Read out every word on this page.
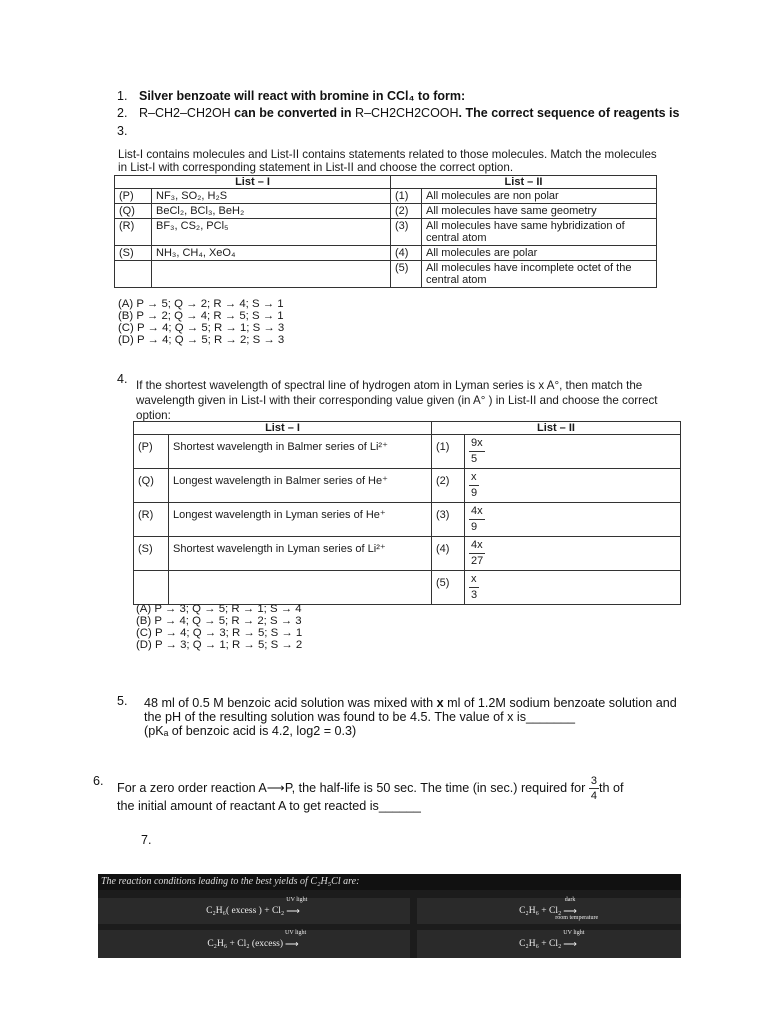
1. Silver benzoate will react with bromine in CCl₄ to form:
2. R–CH2–CH2OH can be converted in R–CH2CH2COOH. The correct sequence of reagents is
3.
List-I contains molecules and List-II contains statements related to those molecules. Match the molecules in List-I with corresponding statement in List-II and choose the correct option.
List – I		List – II	
(P)	NF₃, SO₂, H₂S	(1)	All molecules are non polar
(Q)	BeCl₂, BCl₃, BeH₂	(2)	All molecules have same geometry
(R)	BF₃, CS₂, PCl₅	(3)	All molecules have same hybridization of central atom
(S)	NH₃, CH₄, XeO₄	(4)	All molecules are polar
		(5)	All molecules have incomplete octet of the central atom
(A) P → 5; Q → 2; R → 4; S → 1
(B) P → 2; Q → 4; R → 5; S → 1
(C) P → 4; Q → 5; R → 1; S → 3
(D) P → 4; Q → 5; R → 2; S → 3
4. If the shortest wavelength of spectral line of hydrogen atom in Lyman series is x A°, then match the wavelength given in List-I with their corresponding value given (in A° ) in List-II and choose the correct option:
List – I		List – II	
(P)	Shortest wavelength in Balmer series of Li²⁺	(1)	$\frac{9x}{5}$

(Q)	Longest wavelength in Balmer series of He⁺	(2)	$\frac{x}{9}$

(R)	Longest wavelength in Lyman series of He⁺	(3)	$\frac{4x}{9}$

(S)	Shortest wavelength in Lyman series of Li²⁺	(4)	$\frac{4x}{27}$

		(5)	$\frac{x}{3}$
(A) P → 3; Q → 5; R → 1; S → 4
(B) P → 4; Q → 5; R → 2; S → 3
(C) P → 4; Q → 3; R → 5; S → 1
(D) P → 3; Q → 1; R → 5; S → 2
5.	48 ml of 0.5 M benzoic acid solution was mixed with x ml of 1.2M sodium benzoate solution and
the pH of the resulting solution was found to be 4.5. The value of x is_______
(pKₐ of benzoic acid is 4.2, log2 = 0.3)
6. For a zero order reaction A⟶P, the half-life is 50 sec. The time (in sec.) required for $\frac{3}{4}$ th of
the initial amount of reactant A to get reacted is______
7.
The reaction conditions leading to the best yields of C₂H₅Cl are:
C₂H₆( excess ) + Cl₂ ⟶
UV light
C₂H₆ + Cl₂ ⟶
dark
room temperature
C₂H₆ + Cl₂ (excess) ⟶
UV light
C₂H₆ + Cl₂ ⟶
UV light
